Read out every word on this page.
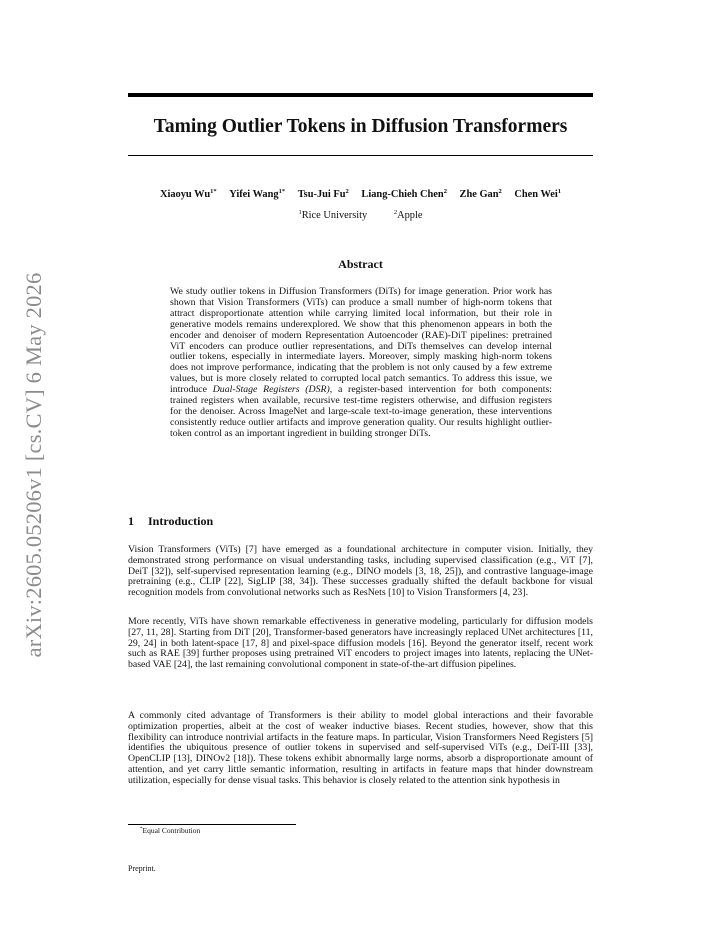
arXiv:2605.05206v1 [cs.CV] 6 May 2026
Taming Outlier Tokens in Diffusion Transformers
Xiaoyu $Wu^{1*}$ Yifei Wang$^{1*}$ Tsu-Jui Fu$^2$ Liang-Chieh Chen$^2$ Zhe Gan$^2$ Chen Wei$^1$
$^1$Rice University	$^2$Apple
Abstract
We study outlier tokens in Diffusion Transformers (DiTs) for image generation. Prior work has shown that Vision Transformers (ViTs) can produce a small number of high-norm tokens that attract disproportionate attention while carrying limited local information, but their role in generative models remains underexplored. We show that this phenomenon appears in both the encoder and denoiser of modern Representation Autoencoder (RAE)-DiT pipelines: pretrained ViT encoders can produce outlier representations, and DiTs themselves can develop internal outlier tokens, especially in intermediate layers. Moreover, simply masking high-norm tokens does not improve performance, indicating that the problem is not only caused by a few extreme values, but is more closely related to corrupted local patch semantics. To address this issue, we introduce Dual-Stage Registers (DSR), a register-based intervention for both components: trained registers when available, recursive test-time registers otherwise, and diffusion registers for the denoiser. Across ImageNet and large-scale text-to-image generation, these interventions consistently reduce outlier artifacts and improve generation quality. Our results highlight outlier-token control as an important ingredient in building stronger DiTs.
1 Introduction
Vision Transformers (ViTs) [7] have emerged as a foundational architecture in computer vision. Initially, they demonstrated strong performance on visual understanding tasks, including supervised classification (e.g., ViT [7], DeiT [32]), self-supervised representation learning (e.g., DINO models [3, 18, 25]), and contrastive language-image pretraining (e.g., CLIP [22], SigLIP [38, 34]). These successes gradually shifted the default backbone for visual recognition models from convolutional networks such as ResNets [10] to Vision Transformers [4, 23].
More recently, ViTs have shown remarkable effectiveness in generative modeling, particularly for diffusion models [27, 11, 28]. Starting from DiT [20], Transformer-based generators have increasingly replaced UNet architectures [11, 29, 24] in both latent-space [17, 8] and pixel-space diffusion models [16]. Beyond the generator itself, recent work such as RAE [39] further proposes using pretrained ViT encoders to project images into latents, replacing the UNet-based VAE [24], the last remaining convolutional component in state-of-the-art diffusion pipelines.
A commonly cited advantage of Transformers is their ability to model global interactions and their favorable optimization properties, albeit at the cost of weaker inductive biases. Recent studies, however, show that this flexibility can introduce nontrivial artifacts in the feature maps. In particular, Vision Transformers Need Registers [5] identifies the ubiquitous presence of outlier tokens in supervised and self-supervised ViTs (e.g., DeiT-III [33], OpenCLIP [13], DINOv2 [18]). These tokens exhibit abnormally large norms, absorb a disproportionate amount of attention, and yet carry little semantic information, resulting in artifacts in feature maps that hinder downstream utilization, especially for dense visual tasks. This behavior is closely related to the attention sink hypothesis in
*Equal Contribution
Preprint.
